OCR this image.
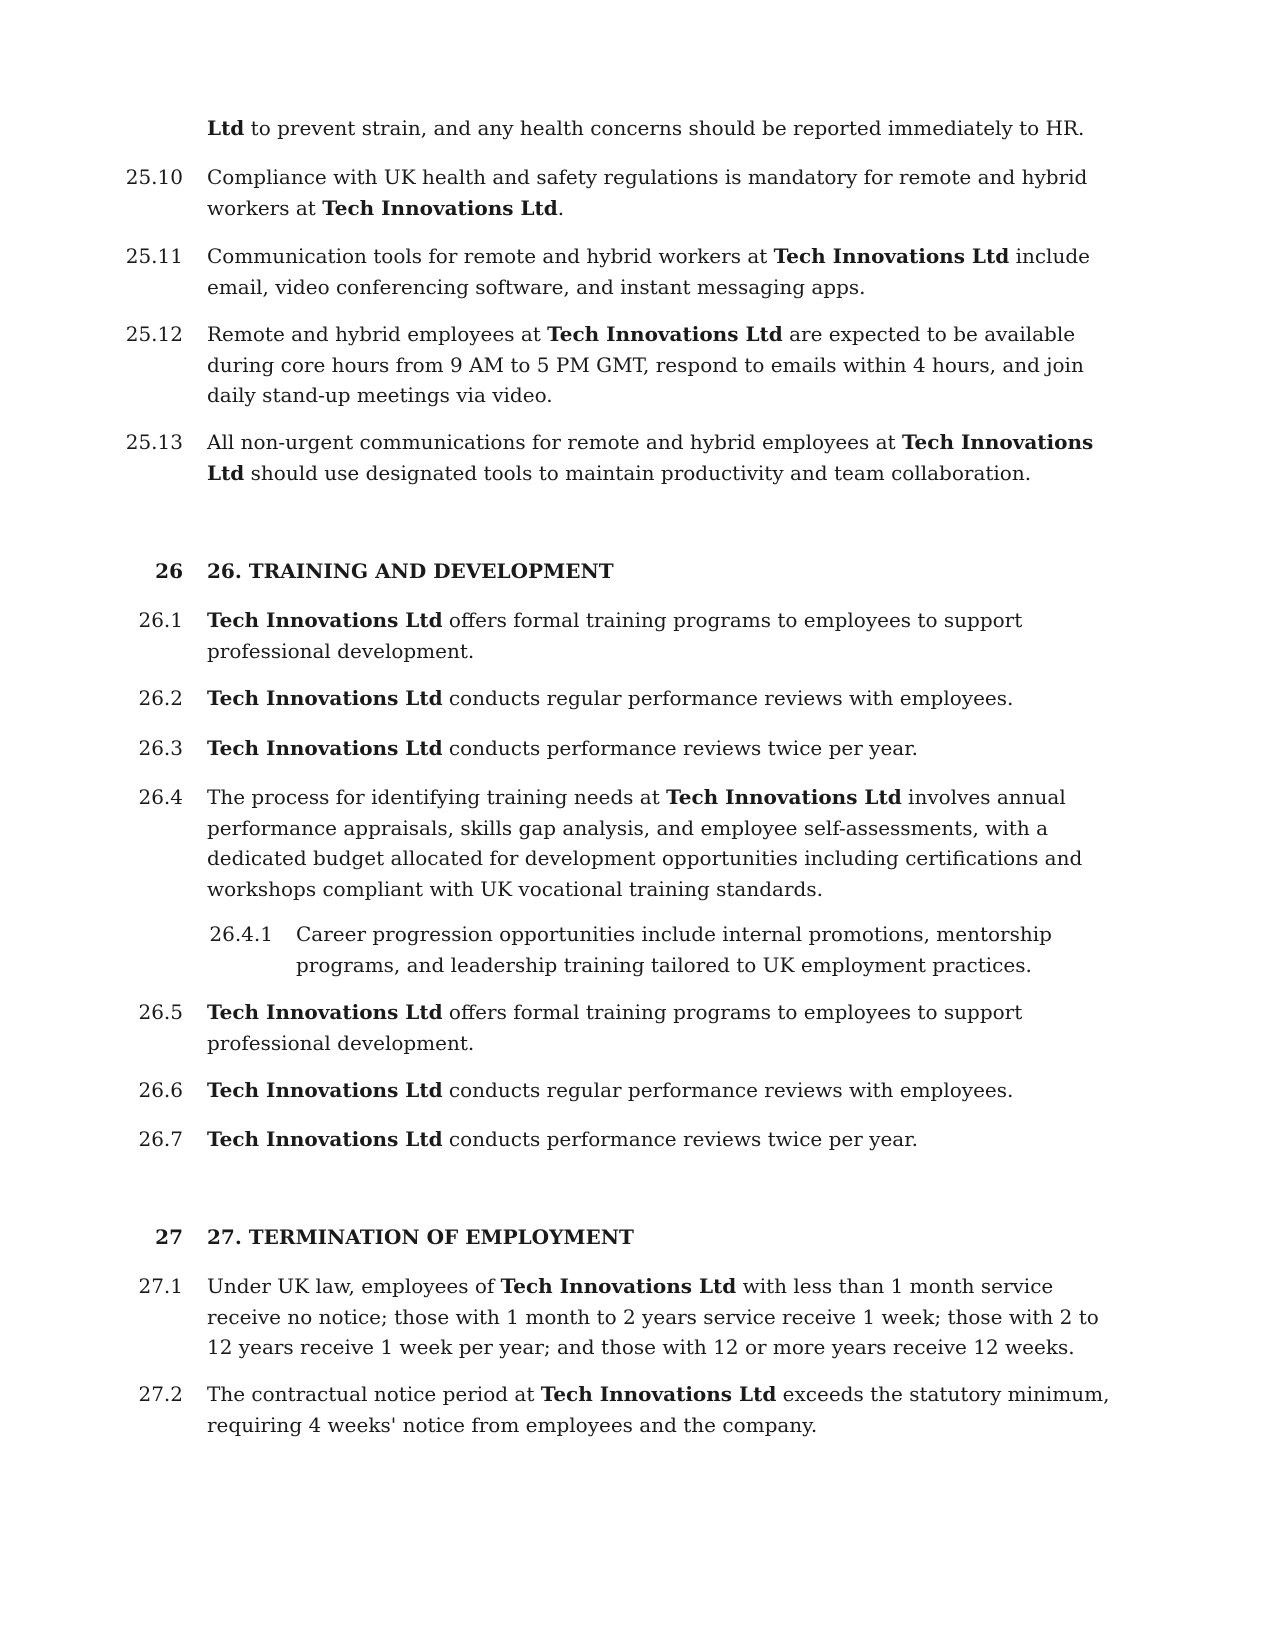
Ltd to prevent strain, and any health concerns should be reported immediately to HR.
25.10 Compliance with UK health and safety regulations is mandatory for remote and hybrid workers at Tech Innovations Ltd.
25.11 Communication tools for remote and hybrid workers at Tech Innovations Ltd include email, video conferencing software, and instant messaging apps.
25.12 Remote and hybrid employees at Tech Innovations Ltd are expected to be available during core hours from 9 AM to 5 PM GMT, respond to emails within 4 hours, and join daily stand-up meetings via video.
25.13 All non-urgent communications for remote and hybrid employees at Tech Innovations Ltd should use designated tools to maintain productivity and team collaboration.
26 26. TRAINING AND DEVELOPMENT
26.1 Tech Innovations Ltd offers formal training programs to employees to support professional development.
26.2 Tech Innovations Ltd conducts regular performance reviews with employees.
26.3 Tech Innovations Ltd conducts performance reviews twice per year.
26.4 The process for identifying training needs at Tech Innovations Ltd involves annual performance appraisals, skills gap analysis, and employee self-assessments, with a dedicated budget allocated for development opportunities including certifications and workshops compliant with UK vocational training standards.
26.4.1 Career progression opportunities include internal promotions, mentorship programs, and leadership training tailored to UK employment practices.
26.5 Tech Innovations Ltd offers formal training programs to employees to support professional development.
26.6 Tech Innovations Ltd conducts regular performance reviews with employees.
26.7 Tech Innovations Ltd conducts performance reviews twice per year.
27 27. TERMINATION OF EMPLOYMENT
27.1 Under UK law, employees of Tech Innovations Ltd with less than 1 month service receive no notice; those with 1 month to 2 years service receive 1 week; those with 2 to 12 years receive 1 week per year; and those with 12 or more years receive 12 weeks.
27.2 The contractual notice period at Tech Innovations Ltd exceeds the statutory minimum, requiring 4 weeks' notice from employees and the company.
